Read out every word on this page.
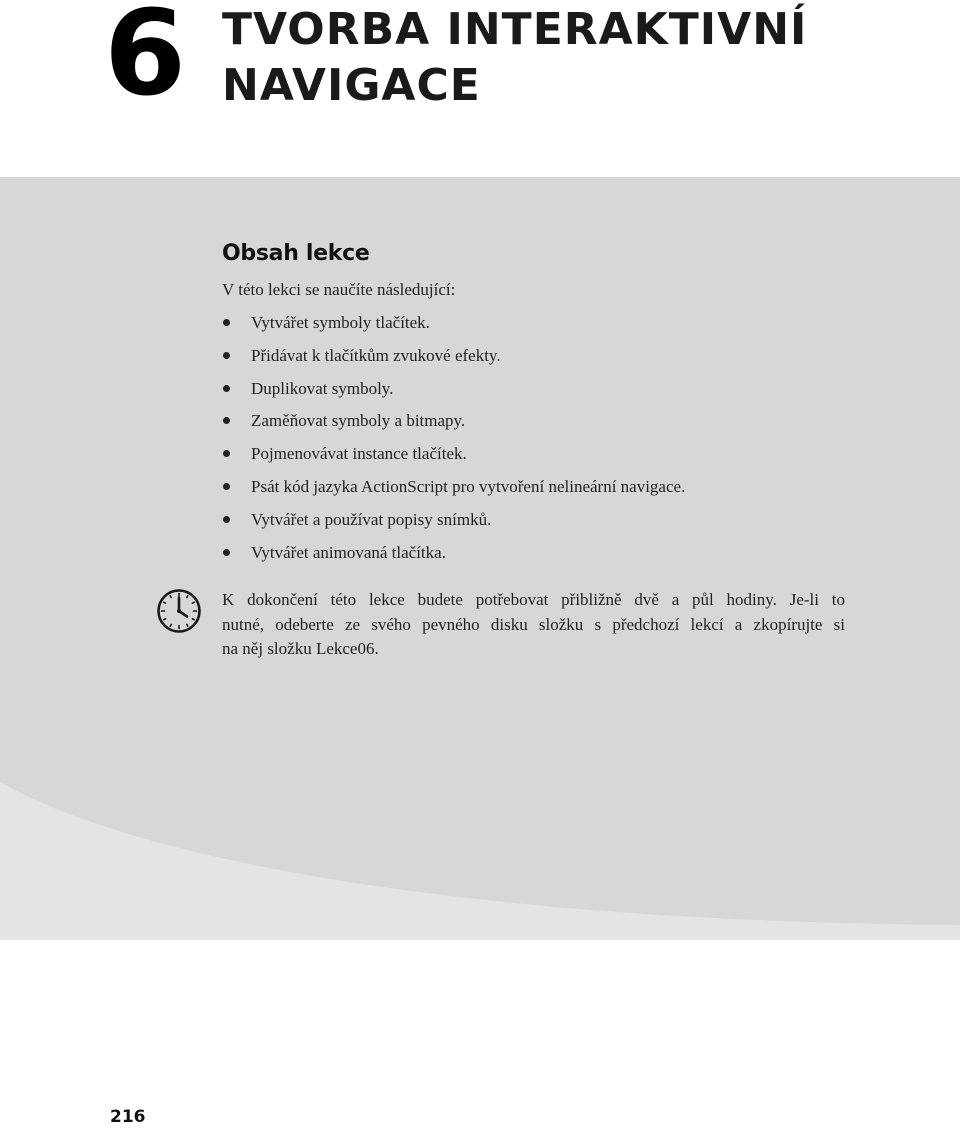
6 TVORBA INTERAKTIVNÍ
NAVIGACE
Obsah lekce
V této lekci se naučíte následující:
Vytvářet symboly tlačítek.
Přidávat k tlačítkům zvukové efekty.
Duplikovat symboly.
Zaměňovat symboly a bitmapy.
Pojmenovávat instance tlačítek.
Psát kód jazyka ActionScript pro vytvoření nelineární navigace.
Vytvářet a používat popisy snímků.
Vytvářet animovaná tlačítka.
K dokončení této lekce budete potřebovat přibližně dvě a půl hodiny. Je-li to
nutné, odeberte ze svého pevného disku složku s předchozí lekcí a zkopírujte si
na něj složku Lekce06.
216
